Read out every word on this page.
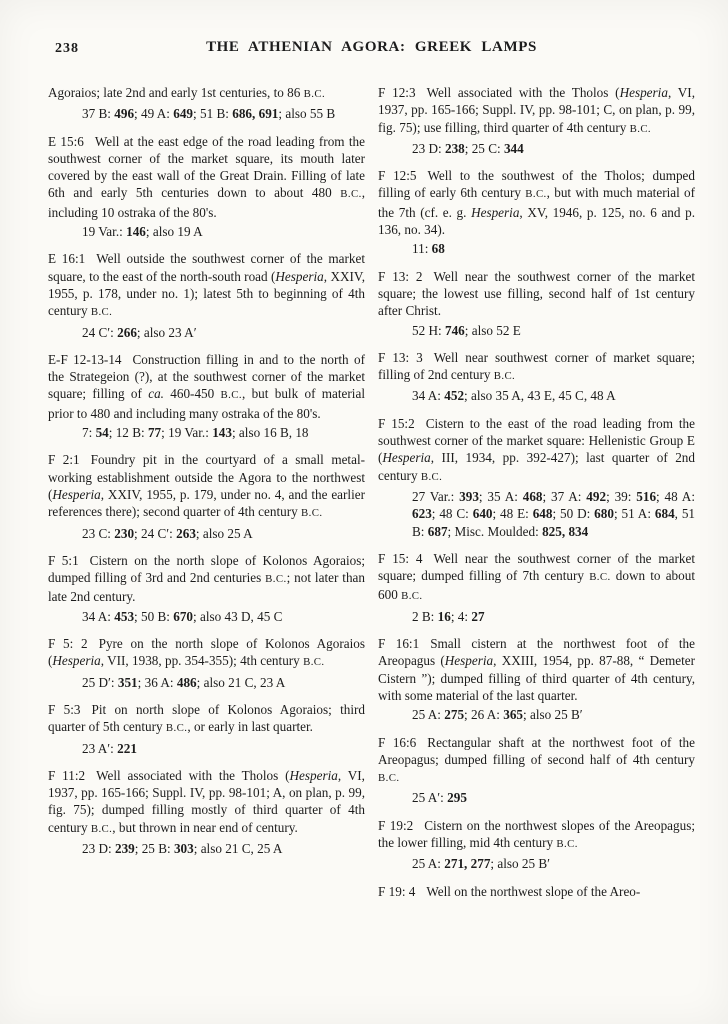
238	THE ATHENIAN AGORA: GREEK LAMPS

Agoraios; late 2nd and early 1st centuries, to 86 B.C.

37 B: 496; 49 A: 649; 51 B: 686, 691; also 55 B

E 15:6 Well at the east edge of the road leading from the southwest corner of the market square, its mouth later covered by the east wall of the Great Drain. Filling of late 6th and early 5th centuries down to about 480 B.C., including 10 ostraka of the 80's.

19 Var.: 146; also 19 A

E 16:1 Well outside the southwest corner of the market square, to the east of the north-south road (Hesperia, XXIV, 1955, p. 178, under no. 1); latest 5th to beginning of 4th century B.C.

24 C′: 266; also 23 A′

E-F 12-13-14 Construction filling in and to the north of the Strategeion (?), at the southwest corner of the market square; filling of ca. 460-450 B.C., but bulk of material prior to 480 and including many ostraka of the 80's.

7: 54; 12 B: 77; 19 Var.: 143; also 16 B, 18

F 2:1 Foundry pit in the courtyard of a small metal-working establishment outside the Agora to the northwest (Hesperia, XXIV, 1955, p. 179, under no. 4, and the earlier references there); second quarter of 4th century B.C.

23 C: 230; 24 C′: 263; also 25 A

F 5:1 Cistern on the north slope of Kolonos Agoraios; dumped filling of 3rd and 2nd centuries B.C.; not later than late 2nd century.

34 A: 453; 50 B: 670; also 43 D, 45 C

F 5: 2 Pyre on the north slope of Kolonos Agoraios (Hesperia, VII, 1938, pp. 354-355); 4th century B.C.

25 D′: 351; 36 A: 486; also 21 C, 23 A

F 5:3 Pit on north slope of Kolonos Agoraios; third quarter of 5th century B.C., or early in last quarter.

23 A′: 221

F 11:2 Well associated with the Tholos (Hesperia, VI, 1937, pp. 165-166; Suppl. IV, pp. 98-101; A, on plan, p. 99, fig. 75); dumped filling mostly of third quarter of 4th century B.C., but thrown in near end of century.

23 D: 239; 25 B: 303; also 21 C, 25 A

F 12:3 Well associated with the Tholos (Hesperia, VI, 1937, pp. 165-166; Suppl. IV, pp. 98-101; C, on plan, p. 99, fig. 75); use filling, third quarter of 4th century B.C.

23 D: 238; 25 C: 344

F 12:5 Well to the southwest of the Tholos; dumped filling of early 6th century B.C., but with much material of the 7th (cf. e. g. Hesperia, XV, 1946, p. 125, no. 6 and p. 136, no. 34).

11: 68

F 13: 2 Well near the southwest corner of the market square; the lowest use filling, second half of 1st century after Christ.

52 H: 746; also 52 E

F 13: 3 Well near southwest corner of market square; filling of 2nd century B.C.

34 A: 452; also 35 A, 43 E, 45 C, 48 A

F 15:2 Cistern to the east of the road leading from the southwest corner of the market square: Hellenistic Group E (Hesperia, III, 1934, pp. 392-427); last quarter of 2nd century B.C.

27 Var.: 393; 35 A: 468; 37 A: 492; 39: 516; 48 A: 623; 48 C: 640; 48 E: 648; 50 D: 680; 51 A: 684, 51 B: 687; Misc. Moulded: 825, 834

F 15: 4 Well near the southwest corner of the market square; dumped filling of 7th century B.C. down to about 600 B.C.

2 B: 16; 4: 27

F 16:1 Small cistern at the northwest foot of the Areopagus (Hesperia, XXIII, 1954, pp. 87-88, “ Demeter Cistern ”); dumped filling of third quarter of 4th century, with some material of the last quarter.

25 A: 275; 26 A: 365; also 25 B′

F 16:6 Rectangular shaft at the northwest foot of the Areopagus; dumped filling of second half of 4th century B.C.

25 A′: 295

F 19:2 Cistern on the northwest slopes of the Areopagus; the lower filling, mid 4th century B.C.

25 A: 271, 277; also 25 B′

F 19: 4 Well on the northwest slope of the Areo-
